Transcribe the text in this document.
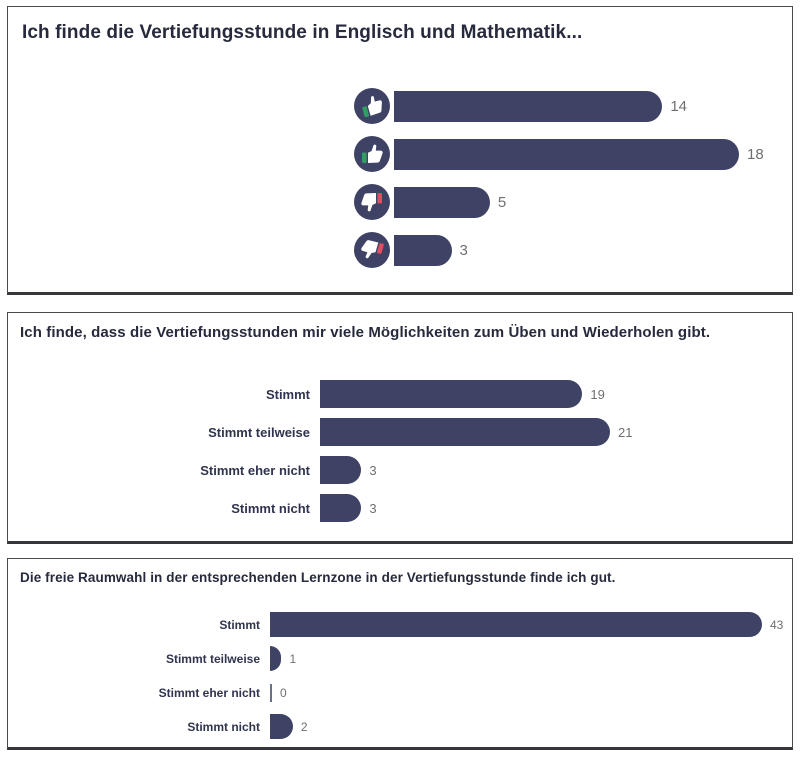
Ich finde die Vertiefungsstunde in Englisch und Mathematik...
14
18
5
3
Ich finde, dass die Vertiefungsstunden mir viele Möglichkeiten zum Üben und Wiederholen gibt.
Stimmt	19
Stimmt teilweise	21
Stimmt eher nicht	3
Stimmt nicht	3
Die freie Raumwahl in der entsprechenden Lernzone in der Vertiefungsstunde finde ich gut.
Stimmt	43
Stimmt teilweise 1
Stimmt eher nicht 0
Stimmt nicht	2
